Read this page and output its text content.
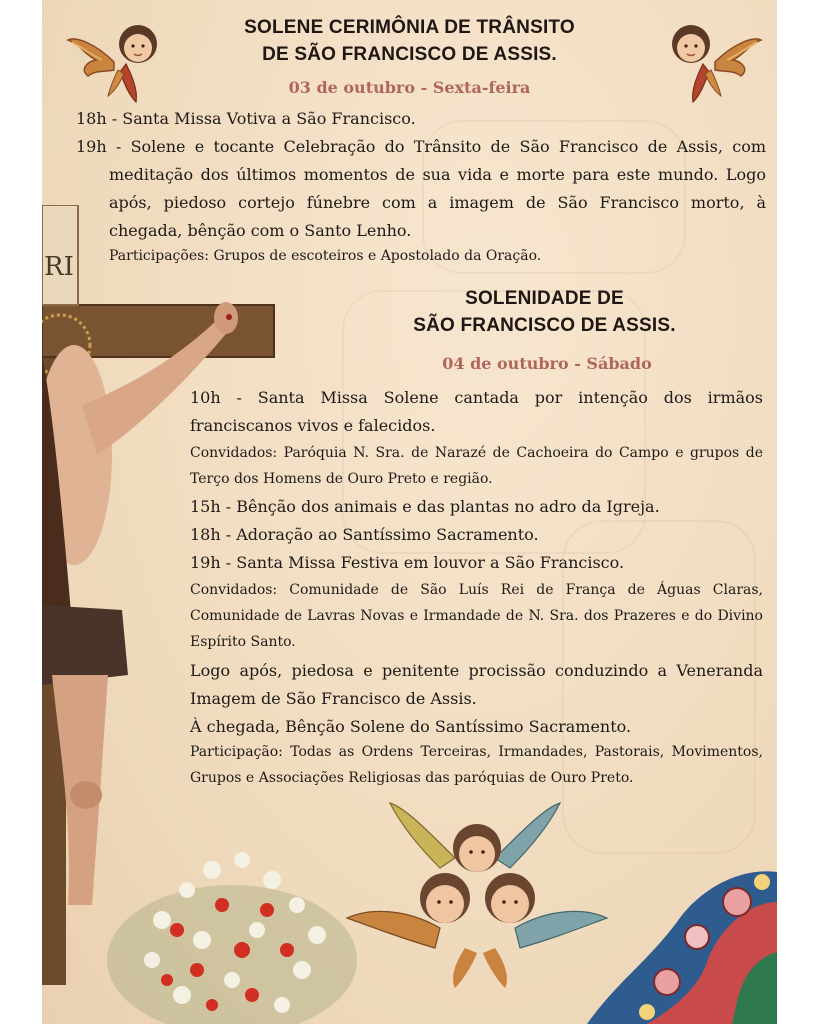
RI
SOLENE CERIMÔNIA DE TRÂNSITO
DE SÃO FRANCISCO DE ASSIS.
03 de outubro - Sexta-feira

18h - Santa Missa Votiva a São Francisco.

19h - Solene e tocante Celebração do Trânsito de São Francisco de Assis, com meditação dos últimos momentos de sua vida e morte para este mundo. Logo após, piedoso cortejo fúnebre com a imagem de São Francisco morto, à chegada, bênção com o Santo Lenho.

Participações: Grupos de escoteiros e Apostolado da Oração.

SOLENIDADE DE
SÃO FRANCISCO DE ASSIS.
04 de outubro - Sábado

10h - Santa Missa Solene cantada por intenção dos irmãos franciscanos vivos e falecidos.

Convidados: Paróquia N. Sra. de Narazé de Cachoeira do Campo e grupos de Terço dos Homens de Ouro Preto e região.

15h - Bênção dos animais e das plantas no adro da Igreja.

18h - Adoração ao Santíssimo Sacramento.

19h - Santa Missa Festiva em louvor a São Francisco.

Convidados: Comunidade de São Luís Rei de França de Águas Claras, Comunidade de Lavras Novas e Irmandade de N. Sra. dos Prazeres e do Divino Espírito Santo.

Logo após, piedosa e penitente procissão conduzindo a Veneranda Imagem de São Francisco de Assis.

À chegada, Bênção Solene do Santíssimo Sacramento.

Participação: Todas as Ordens Terceiras, Irmandades, Pastorais, Movimentos, Grupos e Associações Religiosas das paróquias de Ouro Preto.
